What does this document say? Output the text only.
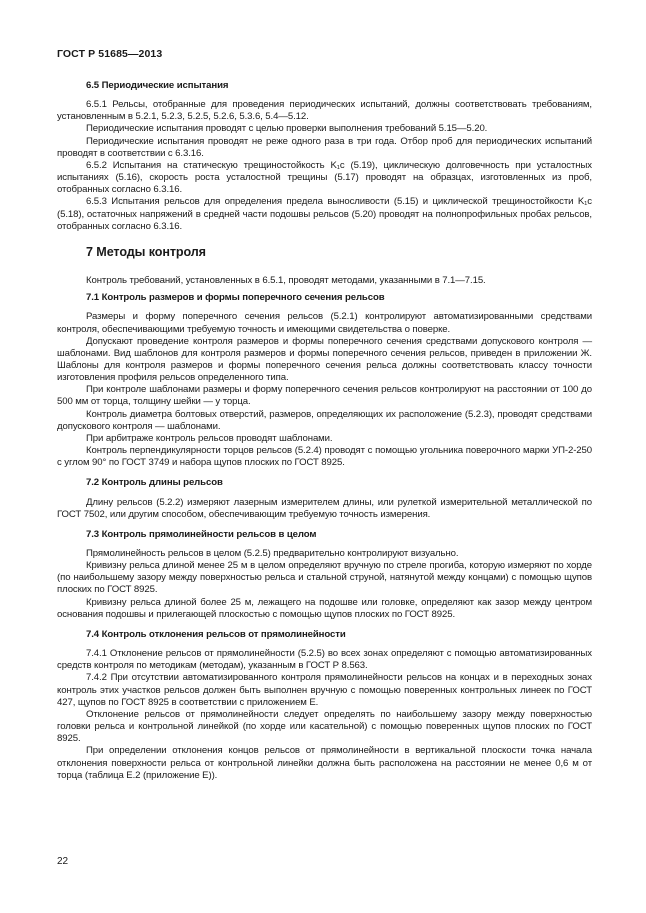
ГОСТ Р 51685—2013
6.5 Периодические испытания

6.5.1 Рельсы, отобранные для проведения периодических испытаний, должны соответствовать требованиям, установленным в 5.2.1, 5.2.3, 5.2.5, 5.2.6, 5.3.6, 5.4—5.12.

Периодические испытания проводят с целью проверки выполнения требований 5.15—5.20.

Периодические испытания проводят не реже одного раза в три года. Отбор проб для периодических испытаний проводят в соответствии с 6.3.16.

6.5.2 Испытания на статическую трещиностойкость K₁c (5.19), циклическую долговечность при усталостных испытаниях (5.16), скорость роста усталостной трещины (5.17) проводят на образцах, изготовленных из проб, отобранных согласно 6.3.16.

6.5.3 Испытания рельсов для определения предела выносливости (5.15) и циклической трещиностойкости K₁c (5.18), остаточных напряжений в средней части подошвы рельсов (5.20) проводят на полнопрофильных пробах рельсов, отобранных согласно 6.3.16.

7 Методы контроля

Контроль требований, установленных в 6.5.1, проводят методами, указанными в 7.1—7.15.

7.1 Контроль размеров и формы поперечного сечения рельсов

Размеры и форму поперечного сечения рельсов (5.2.1) контролируют автоматизированными средствами контроля, обеспечивающими требуемую точность и имеющими свидетельства о поверке.

Допускают проведение контроля размеров и формы поперечного сечения средствами допускового контроля — шаблонами. Вид шаблонов для контроля размеров и формы поперечного сечения рельсов, приведен в приложении Ж. Шаблоны для контроля размеров и формы поперечного сечения рельса должны соответствовать классу точности изготовления профиля рельсов определенного типа.

При контроле шаблонами размеры и форму поперечного сечения рельсов контролируют на расстоянии от 100 до 500 мм от торца, толщину шейки — у торца.

Контроль диаметра болтовых отверстий, размеров, определяющих их расположение (5.2.3), проводят средствами допускового контроля — шаблонами.

При арбитраже контроль рельсов проводят шаблонами.

Контроль перпендикулярности торцов рельсов (5.2.4) проводят с помощью угольника поверочного марки УП-2-250 с углом 90° по ГОСТ 3749 и набора щупов плоских по ГОСТ 8925.

7.2 Контроль длины рельсов

Длину рельсов (5.2.2) измеряют лазерным измерителем длины, или рулеткой измерительной металлической по ГОСТ 7502, или другим способом, обеспечивающим требуемую точность измерения.

7.3 Контроль прямолинейности рельсов в целом

Прямолинейность рельсов в целом (5.2.5) предварительно контролируют визуально.

Кривизну рельса длиной менее 25 м в целом определяют вручную по стреле прогиба, которую измеряют по хорде (по наибольшему зазору между поверхностью рельса и стальной струной, натянутой между концами) с помощью щупов плоских по ГОСТ 8925.

Кривизну рельса длиной более 25 м, лежащего на подошве или головке, определяют как зазор между центром основания подошвы и прилегающей плоскостью с помощью щупов плоских по ГОСТ 8925.

7.4 Контроль отклонения рельсов от прямолинейности

7.4.1 Отклонение рельсов от прямолинейности (5.2.5) во всех зонах определяют с помощью автоматизированных средств контроля по методикам (методам), указанным в ГОСТ Р 8.563.

7.4.2 При отсутствии автоматизированного контроля прямолинейности рельсов на концах и в переходных зонах контроль этих участков рельсов должен быть выполнен вручную с помощью поверенных контрольных линеек по ГОСТ 427, щупов по ГОСТ 8925 в соответствии с приложением Е.

Отклонение рельсов от прямолинейности следует определять по наибольшему зазору между поверхностью головки рельса и контрольной линейкой (по хорде или касательной) с помощью поверенных щупов плоских по ГОСТ 8925.

При определении отклонения концов рельсов от прямолинейности в вертикальной плоскости точка начала отклонения поверхности рельса от контрольной линейки должна быть расположена на расстоянии не менее 0,6 м от торца (таблица Е.2 (приложение Е)).

22
